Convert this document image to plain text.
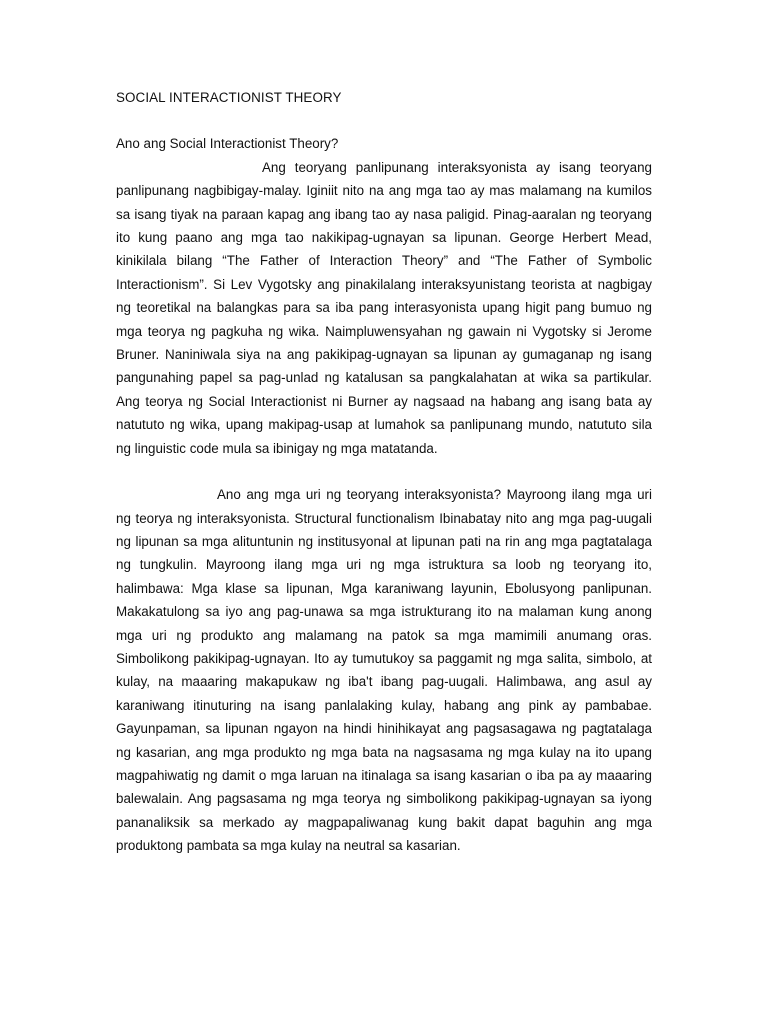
SOCIAL INTERACTIONIST THEORY

Ano ang Social Interactionist Theory?

Ang teoryang panlipunang interaksyonista ay isang teoryang panlipunang nagbibigay-malay. Iginiit nito na ang mga tao ay mas malamang na kumilos sa isang tiyak na paraan kapag ang ibang tao ay nasa paligid. Pinag-aaralan ng teoryang ito kung paano ang mga tao nakikipag-ugnayan sa lipunan. George Herbert Mead, kinikilala bilang “The Father of Interaction Theory” and “The Father of Symbolic Interactionism”. Si Lev Vygotsky ang pinakilalang interaksyunistang teorista at nagbigay ng teoretikal na balangkas para sa iba pang interasyonista upang higit pang bumuo ng mga teorya ng pagkuha ng wika. Naimpluwensyahan ng gawain ni Vygotsky si Jerome Bruner. Naniniwala siya na ang pakikipag-ugnayan sa lipunan ay gumaganap ng isang pangunahing papel sa pag-unlad ng katalusan sa pangkalahatan at wika sa partikular. Ang teorya ng Social Interactionist ni Burner ay nagsaad na habang ang isang bata ay natututo ng wika, upang makipag-usap at lumahok sa panlipunang mundo, natututo sila ng linguistic code mula sa ibinigay ng mga matatanda.

Ano ang mga uri ng teoryang interaksyonista? Mayroong ilang mga uri ng teorya ng interaksyonista. Structural functionalism Ibinabatay nito ang mga pag-uugali ng lipunan sa mga alituntunin ng institusyonal at lipunan pati na rin ang mga pagtatalaga ng tungkulin. Mayroong ilang mga uri ng mga istruktura sa loob ng teoryang ito, halimbawa: Mga klase sa lipunan, Mga karaniwang layunin, Ebolusyong panlipunan. Makakatulong sa iyo ang pag-unawa sa mga istrukturang ito na malaman kung anong mga uri ng produkto ang malamang na patok sa mga mamimili anumang oras. Simbolikong pakikipag-ugnayan. Ito ay tumutukoy sa paggamit ng mga salita, simbolo, at kulay, na maaaring makapukaw ng iba't ibang pag-uugali. Halimbawa, ang asul ay karaniwang itinuturing na isang panlalaking kulay, habang ang pink ay pambabae. Gayunpaman, sa lipunan ngayon na hindi hinihikayat ang pagsasagawa ng pagtatalaga ng kasarian, ang mga produkto ng mga bata na nagsasama ng mga kulay na ito upang magpahiwatig ng damit o mga laruan na itinalaga sa isang kasarian o iba pa ay maaaring balewalain. Ang pagsasama ng mga teorya ng simbolikong pakikipag-ugnayan sa iyong pananaliksik sa merkado ay magpapaliwanag kung bakit dapat baguhin ang mga produktong pambata sa mga kulay na neutral sa kasarian.
